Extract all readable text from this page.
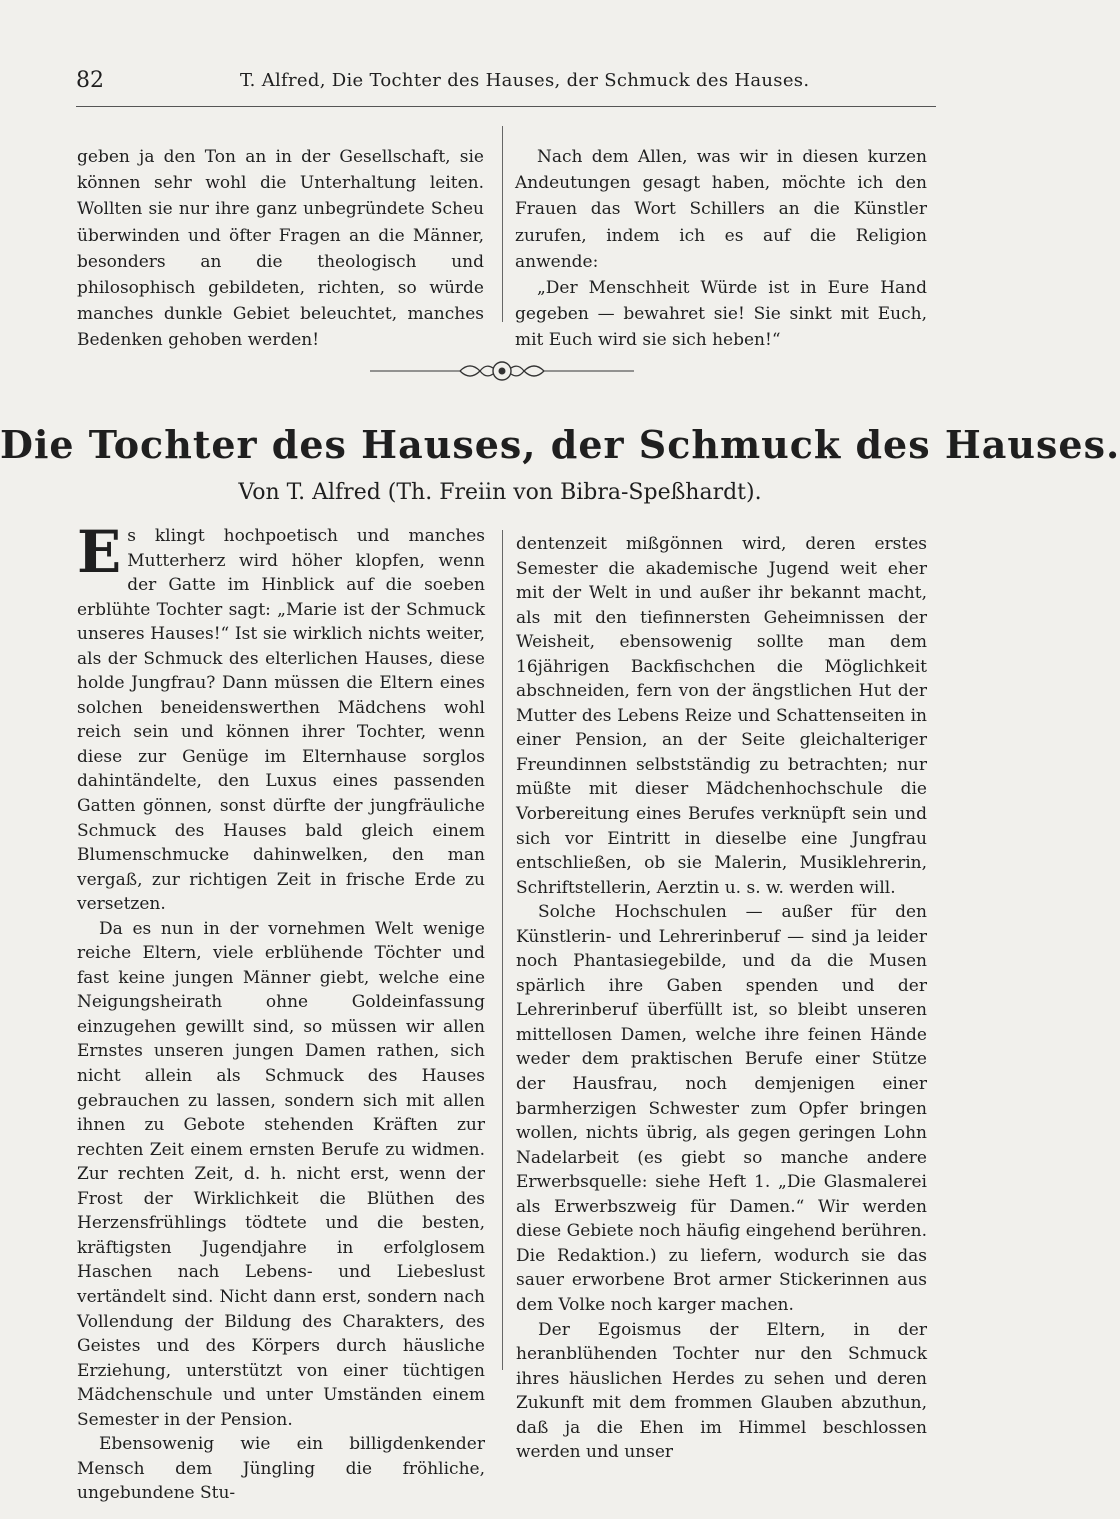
82	T. Alfred, Die Tochter des Hauses, der Schmuck des Hauses.

geben ja den Ton an in der Gesellschaft, sie können sehr wohl die Unterhaltung leiten. Wollten sie nur ihre ganz unbegründete Scheu überwinden und öfter Fragen an die Männer, besonders an die theologisch und philosophisch gebildeten, richten, so würde manches dunkle Gebiet beleuchtet, manches Bedenken gehoben werden!

Nach dem Allen, was wir in diesen kurzen Andeutungen gesagt haben, möchte ich den Frauen das Wort Schillers an die Künstler zurufen, indem ich es auf die Religion anwende:

„Der Menschheit Würde ist in Eure Hand gegeben — bewahret sie! Sie sinkt mit Euch, mit Euch wird sie sich heben!“

Die Tochter des Hauses, der Schmuck des Hauses.
Von T. Alfred (Th. Freiin von Bibra-Speßhardt).

Es klingt hochpoetisch und manches Mutterherz wird höher klopfen, wenn der Gatte im Hinblick auf die soeben erblühte Tochter sagt: „Marie ist der Schmuck unseres Hauses!“ Ist sie wirklich nichts weiter, als der Schmuck des elterlichen Hauses, diese holde Jungfrau? Dann müssen die Eltern eines solchen beneidenswerthen Mädchens wohl reich sein und können ihrer Tochter, wenn diese zur Genüge im Elternhause sorglos dahintändelte, den Luxus eines passenden Gatten gönnen, sonst dürfte der jungfräuliche Schmuck des Hauses bald gleich einem Blumenschmucke dahinwelken, den man vergaß, zur richtigen Zeit in frische Erde zu versetzen.

Da es nun in der vornehmen Welt wenige reiche Eltern, viele erblühende Töchter und fast keine jungen Männer giebt, welche eine Neigungsheirath ohne Goldeinfassung einzugehen gewillt sind, so müssen wir allen Ernstes unseren jungen Damen rathen, sich nicht allein als Schmuck des Hauses gebrauchen zu lassen, sondern sich mit allen ihnen zu Gebote stehenden Kräften zur rechten Zeit einem ernsten Berufe zu widmen. Zur rechten Zeit, d. h. nicht erst, wenn der Frost der Wirklichkeit die Blüthen des Herzensfrühlings tödtete und die besten, kräftigsten Jugendjahre in erfolglosem Haschen nach Lebens- und Liebeslust vertändelt sind. Nicht dann erst, sondern nach Vollendung der Bildung des Charakters, des Geistes und des Körpers durch häusliche Erziehung, unterstützt von einer tüchtigen Mädchenschule und unter Umständen einem Semester in der Pension.

Ebensowenig wie ein billigdenkender Mensch dem Jüngling die fröhliche, ungebundene Stu-

dentenzeit mißgönnen wird, deren erstes Semester die akademische Jugend weit eher mit der Welt in und außer ihr bekannt macht, als mit den tiefinnersten Geheimnissen der Weisheit, ebensowenig sollte man dem 16jährigen Backfischchen die Möglichkeit abschneiden, fern von der ängstlichen Hut der Mutter des Lebens Reize und Schattenseiten in einer Pension, an der Seite gleichalteriger Freundinnen selbstständig zu betrachten; nur müßte mit dieser Mädchenhochschule die Vorbereitung eines Berufes verknüpft sein und sich vor Eintritt in dieselbe eine Jungfrau entschließen, ob sie Malerin, Musiklehrerin, Schriftstellerin, Aerztin u. s. w. werden will.

Solche Hochschulen — außer für den Künstlerin- und Lehrerinberuf — sind ja leider noch Phantasiegebilde, und da die Musen spärlich ihre Gaben spenden und der Lehrerinberuf überfüllt ist, so bleibt unseren mittellosen Damen, welche ihre feinen Hände weder dem praktischen Berufe einer Stütze der Hausfrau, noch demjenigen einer barmherzigen Schwester zum Opfer bringen wollen, nichts übrig, als gegen geringen Lohn Nadelarbeit (es giebt so manche andere Erwerbsquelle: siehe Heft 1. „Die Glasmalerei als Erwerbszweig für Damen.“ Wir werden diese Gebiete noch häufig eingehend berühren. Die Redaktion.) zu liefern, wodurch sie das sauer erworbene Brot armer Stickerinnen aus dem Volke noch karger machen.

Der Egoismus der Eltern, in der heranblühenden Tochter nur den Schmuck ihres häuslichen Herdes zu sehen und deren Zukunft mit dem frommen Glauben abzuthun, daß ja die Ehen im Himmel beschlossen werden und unser
